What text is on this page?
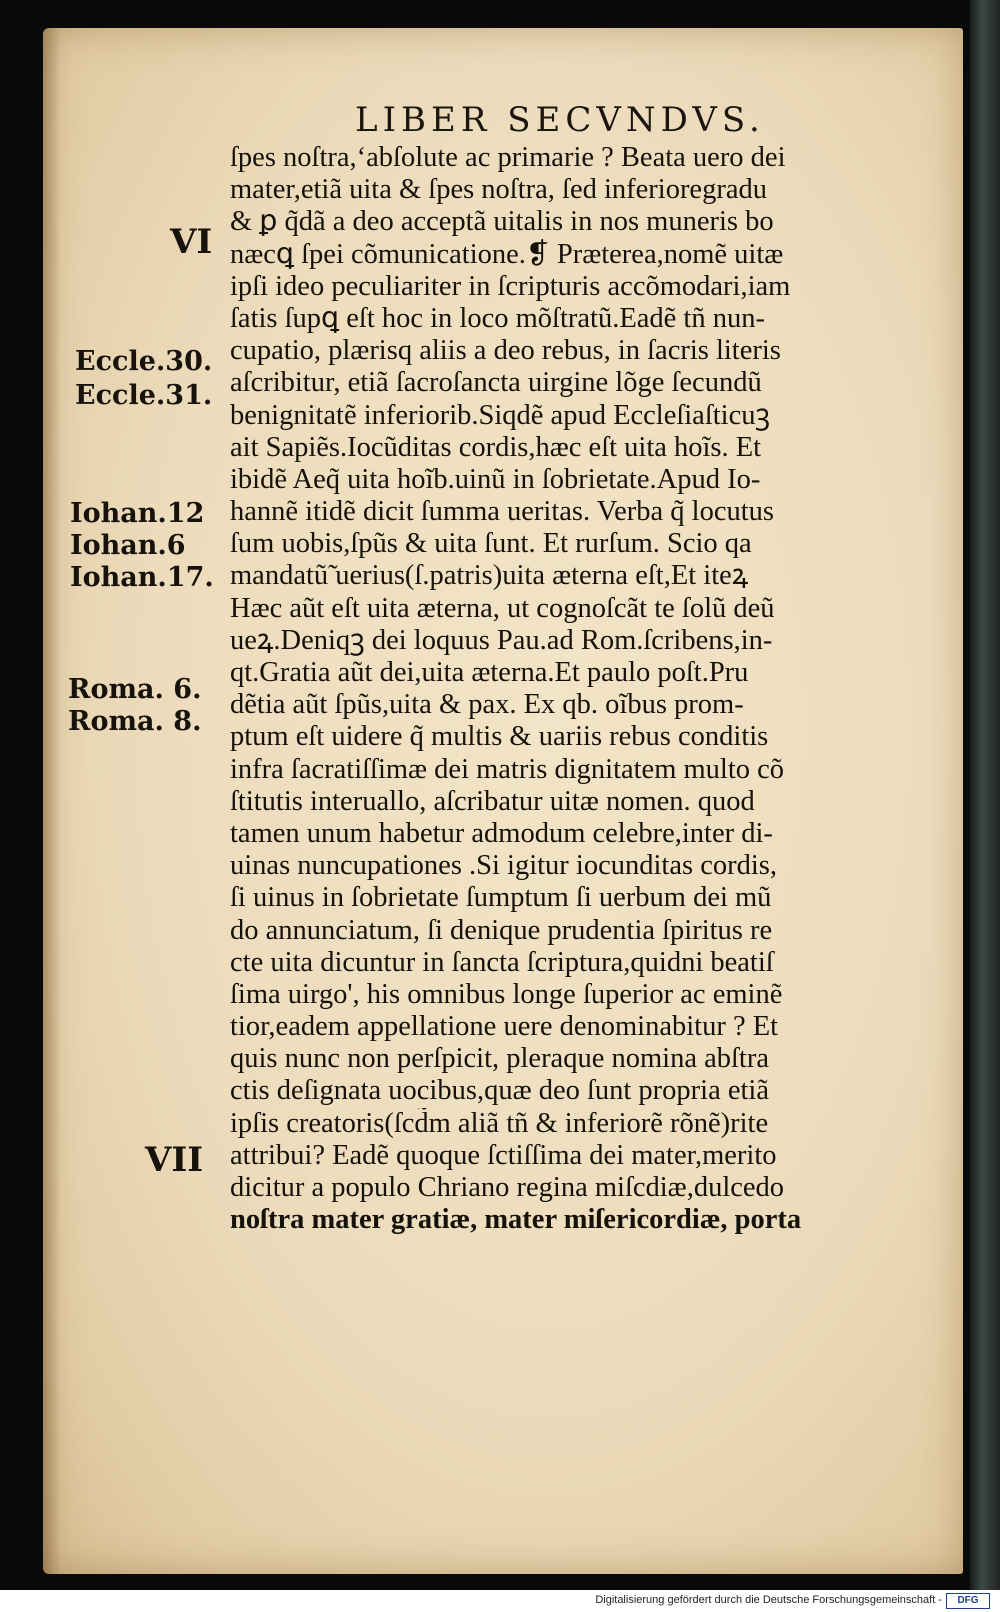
LIBER SECVNDVS.
VI
VII
Eccle.30.
Eccle.31.
Iohan.12
Iohan.6
Iohan.17.
Roma. 6.
Roma. 8.
ſpes noſtra,‘abſolute ac primarie ? Beata uero dei
mater,etiã uita & ſpes noſtra, ſed inferioregradu
& ꝑ q̃dã a deo acceptã uitalis in nos muneris bo
næcꝗ ſpei cõmunicatione.❡ Præterea,nomẽ uitæ
ipſi ideo peculiariter in ſcripturis accõmodari,iam
ſatis ſupꝗ eſt hoc in loco mõſtratũ.Eadẽ tñ nun-
cupatio, plærisq aliis a deo rebus, in ſacris literis
aſcribitur, etiã ſacroſancta uirgine lõge ſecundũ
benignitatẽ inferiorib.Siqdẽ apud Eccleſiaſticuꝫ
ait Sapiẽs.Iocũditas cordis,hæc eſt uita hoĩs. Et
ibidẽ Aeq̃ uita hoĩb.uinũ in ſobrietate.Apud Io-
hannẽ itidẽ dicit ſumma ueritas. Verba q̃ locutus
ſum uobis,ſpũs & uita ſunt. Et rurſum. Scio qa
mandatũ̃ uerius(ſ.patris)uita æterna eſt,Et iteꝝ
Hæc aũt eſt uita æterna, ut cognoſcãt te ſolũ deũ
ueꝝ.Deniqꝫ dei loquus Pau.ad Rom.ſcribens,in-
qt.Gratia aũt dei,uita æterna.Et paulo poſt.Pru
dẽtia aũt ſpũs,uita & pax. Ex qb. oĩbus prom-
ptum eſt uidere q̃ multis & uariis rebus conditis
infra ſacratiſſimæ dei matris dignitatem multo cõ
ſtitutis interuallo, aſcribatur uitæ nomen. quod
tamen unum habetur admodum celebre,inter di-
uinas nuncupationes .Si igitur iocunditas cordis,
ſi uinus in ſobrietate ſumptum ſi uerbum dei mũ
do annunciatum, ſi denique prudentia ſpiritus re
cte uita dicuntur in ſancta ſcriptura,quidni beatiſ
ſima uirgo', his omnibus longe ſuperior ac eminẽ
tior,eadem appellatione uere denominabitur ? Et
quis nunc non perſpicit, pleraque nomina abſtra
ctis deſignata uocibus,quæ deo ſunt propria etiã
ipſis creatoris(ſcd̃m aliã tñ & inferiorẽ rõnẽ)rite
attribui? Eadẽ quoque ſctiſſima dei mater,merito
dicitur a populo Chriano regina miſcdiæ,dulcedo
noſtra mater gratiæ, mater miſericordiæ, porta
Digitalisierung gefördert durch die Deutsche Forschungsgemeinschaft -	DFG
